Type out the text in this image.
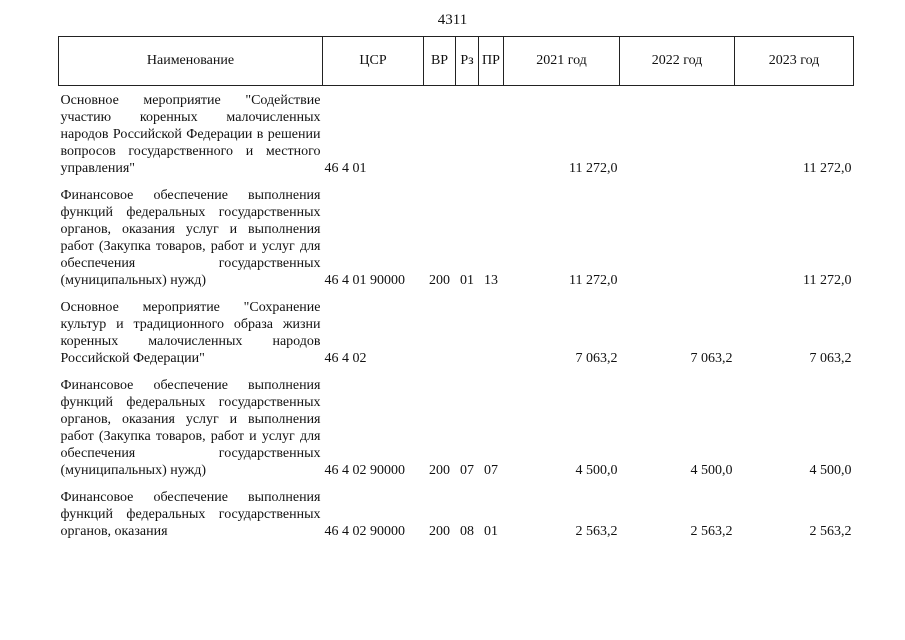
4311
Наименование	ЦСР	ВР	Рз	ПР	2021 год	2022 год	2023 год

Основное мероприятие "Содействие участию коренных малочисленных народов Российской Федерации в решении вопросов государственного и местного управления"	46 4 01				11 272,0		11 272,0

Финансовое обеспечение выполнения функций федеральных государственных органов, оказания услуг и выполнения работ (Закупка товаров, работ и услуг для обеспечения государственных (муниципальных) нужд)	46 4 01 90000	200	01	13	11 272,0		11 272,0

Основное мероприятие "Сохранение культур и традиционного образа жизни коренных малочисленных народов Российской Федерации"	46 4 02				7 063,2	7 063,2	7 063,2

Финансовое обеспечение выполнения функций федеральных государственных органов, оказания услуг и выполнения работ (Закупка товаров, работ и услуг для обеспечения государственных (муниципальных) нужд)	46 4 02 90000	200	07	07	4 500,0	4 500,0	4 500,0

Финансовое обеспечение выполнения функций федеральных государственных органов, оказания	46 4 02 90000	200	08	01	2 563,2	2 563,2	2 563,2
